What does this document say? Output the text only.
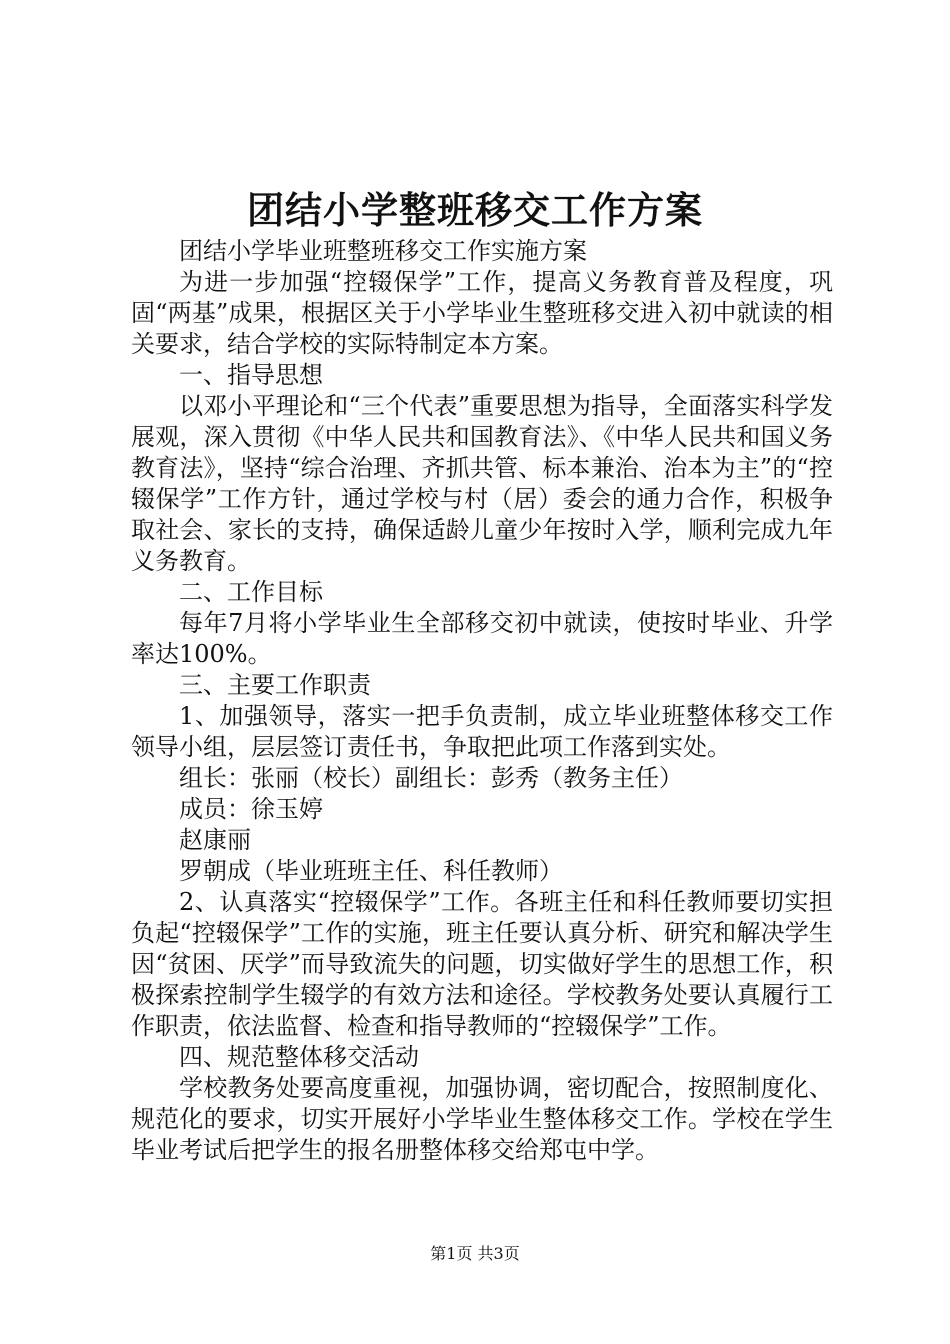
团结小学整班移交工作方案

团结小学毕业班整班移交工作实施方案

为进一步加强“控辍保学”工作，提高义务教育普及程度，巩固“两基”成果，根据区关于小学毕业生整班移交进入初中就读的相关要求，结合学校的实际特制定本方案。

一、指导思想

以邓小平理论和“三个代表”重要思想为指导，全面落实科学发展观，深入贯彻《中华人民共和国教育法》、《中华人民共和国义务教育法》，坚持“综合治理、齐抓共管、标本兼治、治本为主”的“控辍保学”工作方针，通过学校与村（居）委会的通力合作，积极争取社会、家长的支持，确保适龄儿童少年按时入学，顺利完成九年义务教育。

二、工作目标

每年7月将小学毕业生全部移交初中就读，使按时毕业、升学率达100%。

三、主要工作职责

1、加强领导，落实一把手负责制，成立毕业班整体移交工作领导小组，层层签订责任书，争取把此项工作落到实处。

组长：张丽（校长）副组长：彭秀（教务主任）

成员：徐玉婷

赵康丽

罗朝成（毕业班班主任、科任教师）

2、认真落实“控辍保学”工作。各班主任和科任教师要切实担负起“控辍保学”工作的实施，班主任要认真分析、研究和解决学生因“贫困、厌学”而导致流失的问题，切实做好学生的思想工作，积极探索控制学生辍学的有效方法和途径。学校教务处要认真履行工作职责，依法监督、检查和指导教师的“控辍保学”工作。

四、规范整体移交活动

学校教务处要高度重视，加强协调，密切配合，按照制度化、规范化的要求，切实开展好小学毕业生整体移交工作。学校在学生毕业考试后把学生的报名册整体移交给郑屯中学。

第1页 共3页
